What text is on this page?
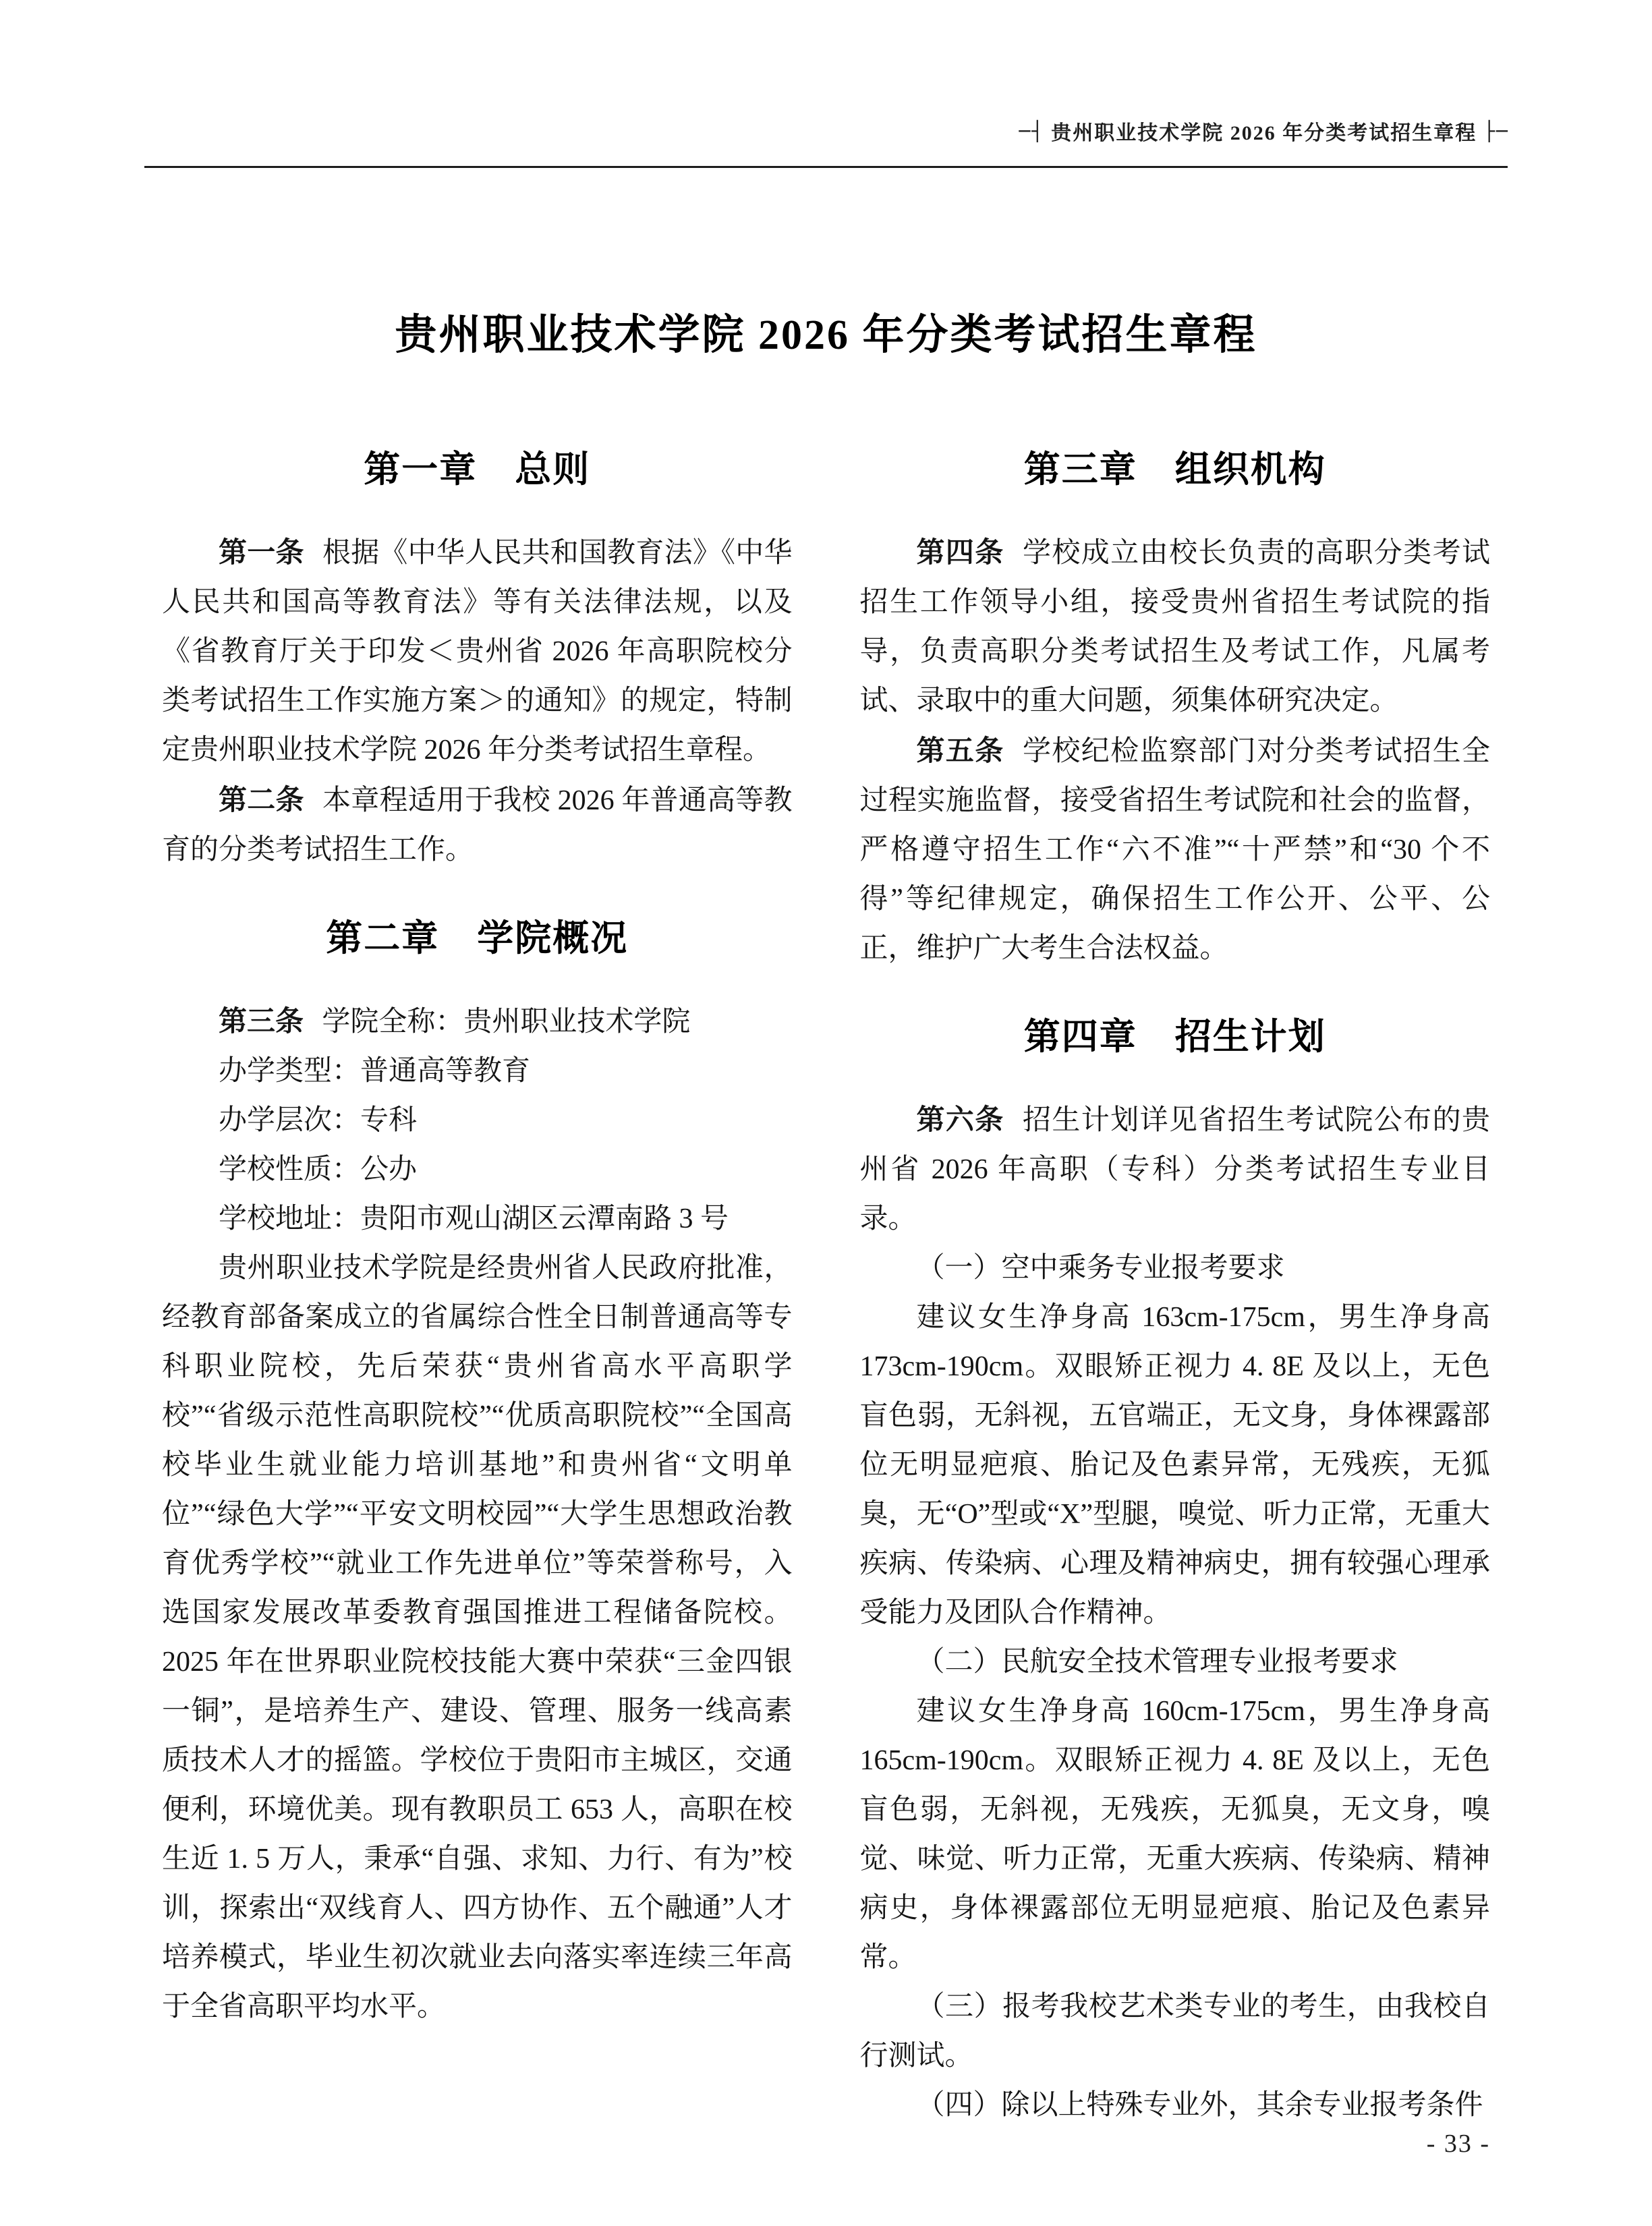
─┤ 贵州职业技术学院 2026 年分类考试招生章程 ├─
贵州职业技术学院 2026 年分类考试招生章程
第一章　总则

第一条 根据《中华人民共和国教育法》《中华人民共和国高等教育法》等有关法律法规，以及《省教育厅关于印发＜贵州省 2026 年高职院校分类考试招生工作实施方案＞的通知》的规定，特制定贵州职业技术学院 2026 年分类考试招生章程。

第二条 本章程适用于我校 2026 年普通高等教育的分类考试招生工作。

第二章　学院概况

第三条 学院全称：贵州职业技术学院

办学类型：普通高等教育

办学层次：专科

学校性质：公办

学校地址：贵阳市观山湖区云潭南路 3 号

贵州职业技术学院是经贵州省人民政府批准，经教育部备案成立的省属综合性全日制普通高等专科职业院校，先后荣获“贵州省高水平高职学校”“省级示范性高职院校”“优质高职院校”“全国高校毕业生就业能力培训基地”和贵州省“文明单位”“绿色大学”“平安文明校园”“大学生思想政治教育优秀学校”“就业工作先进单位”等荣誉称号，入选国家发展改革委教育强国推进工程储备院校。2025 年在世界职业院校技能大赛中荣获“三金四银一铜”，是培养生产、建设、管理、服务一线高素质技术人才的摇篮。学校位于贵阳市主城区，交通便利，环境优美。现有教职员工 653 人，高职在校生近 1. 5 万人，秉承“自强、求知、力行、有为”校训，探索出“双线育人、四方协作、五个融通”人才培养模式，毕业生初次就业去向落实率连续三年高于全省高职平均水平。

第三章　组织机构

第四条 学校成立由校长负责的高职分类考试招生工作领导小组，接受贵州省招生考试院的指导，负责高职分类考试招生及考试工作，凡属考试、录取中的重大问题，须集体研究决定。

第五条 学校纪检监察部门对分类考试招生全过程实施监督，接受省招生考试院和社会的监督，严格遵守招生工作“六不准”“十严禁”和“30 个不得”等纪律规定，确保招生工作公开、公平、公正，维护广大考生合法权益。

第四章　招生计划

第六条 招生计划详见省招生考试院公布的贵州省 2026 年高职（专科）分类考试招生专业目录。

（一）空中乘务专业报考要求

建议女生净身高 163cm-175cm，男生净身高 173cm-190cm。双眼矫正视力 4. 8E 及以上，无色盲色弱，无斜视，五官端正，无文身，身体裸露部位无明显疤痕、胎记及色素异常，无残疾，无狐臭，无“O”型或“X”型腿，嗅觉、听力正常，无重大疾病、传染病、心理及精神病史，拥有较强心理承受能力及团队合作精神。

（二）民航安全技术管理专业报考要求

建议女生净身高 160cm-175cm，男生净身高 165cm-190cm。双眼矫正视力 4. 8E 及以上，无色盲色弱，无斜视，无残疾，无狐臭，无文身，嗅觉、味觉、听力正常，无重大疾病、传染病、精神病史，身体裸露部位无明显疤痕、胎记及色素异常。

（三）报考我校艺术类专业的考生，由我校自行测试。

（四）除以上特殊专业外，其余专业报考条件

- 33 -
